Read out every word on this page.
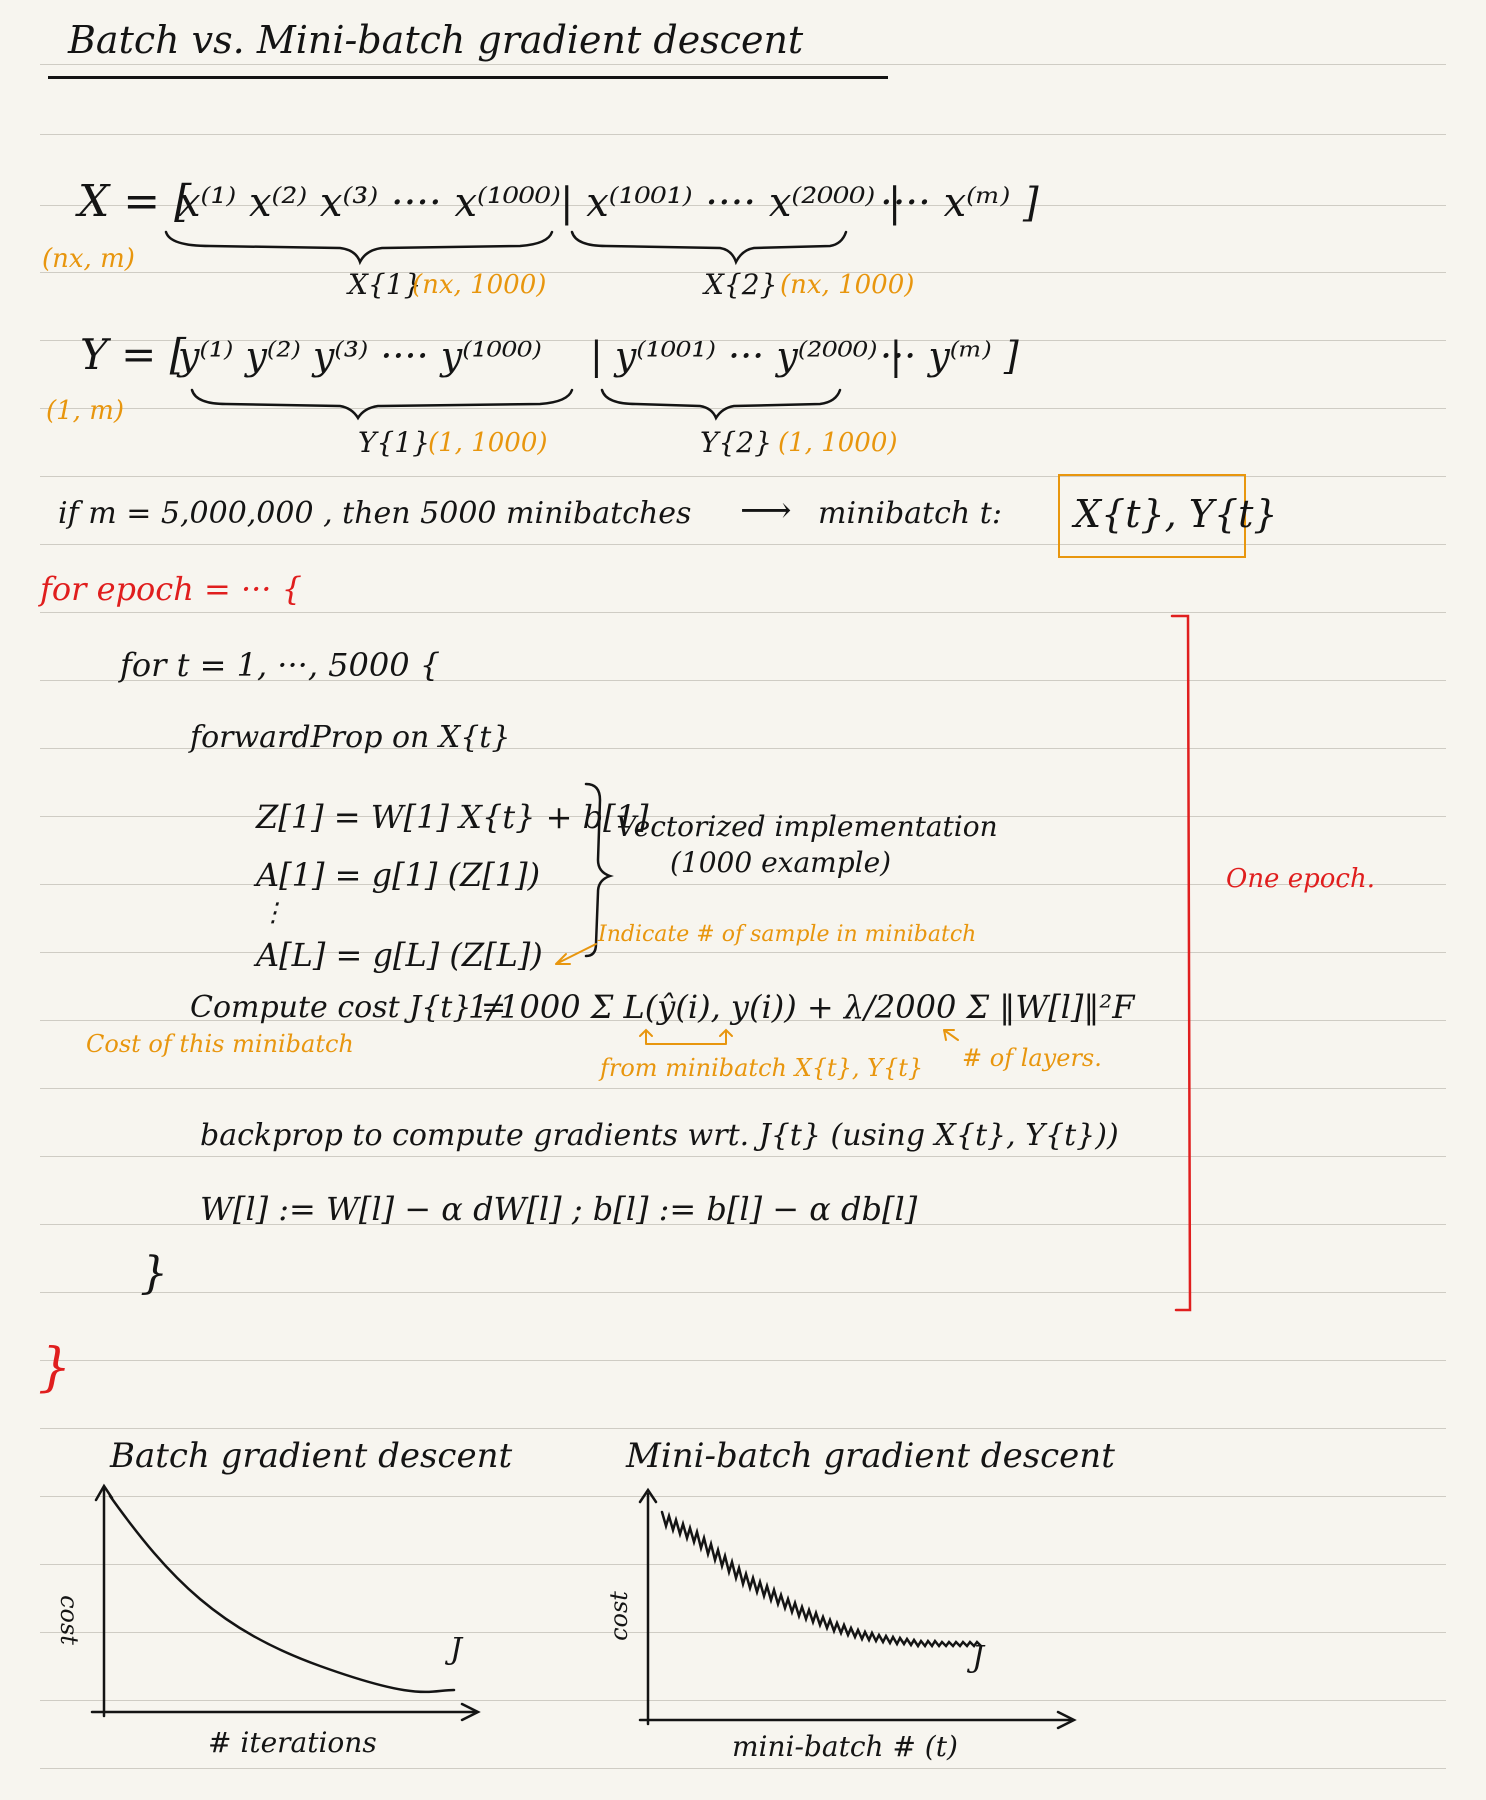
Batch vs. Mini-batch gradient descent
X = [
x⁽¹⁾ x⁽²⁾ x⁽³⁾ ···· x⁽¹⁰⁰⁰⁾ | x⁽¹⁰⁰¹⁾ ···· x⁽²⁰⁰⁰⁾ |
···· x⁽ᵐ⁾ ]
(nx, m)
X{1}
(nx, 1000)	X{2} (nx, 1000)
Y = [
y⁽¹⁾ y⁽²⁾ y⁽³⁾ ···· y⁽¹⁰⁰⁰⁾ | y⁽¹⁰⁰¹⁾ ··· y⁽²⁰⁰⁰⁾ |
··· y⁽ᵐ⁾ ]
(1, m)
Y{1}
(1, 1000)	Y{2} (1, 1000)
if m = 5,000,000 , then 5000 minibatches ⟶ minibatch t: X{t}, Y{t}
for epoch = ··· {
for t = 1, ···, 5000 {
forwardProp on X{t}
Z[1] = W[1] X{t} + b[1]
A[1] = g[1] (Z[1])
⋮
A[L] = g[L] (Z[L])
Vectorized implementation
(1000 example)
Indicate # of sample in minibatch
Compute cost J{t} =
1/1000 Σ L(ŷ(i), y(i)) + λ/2000 Σ ‖W[l]‖²F
Cost of this minibatch
from minibatch X{t}, Y{t} # of layers.
backprop to compute gradients wrt. J{t} (using X{t}, Y{t}))
W[l] := W[l] − α dW[l] ; b[l] := b[l] − α db[l]
}
}
One epoch.
Batch gradient descent	Mini-batch gradient descent
cost	cost
# iterations	mini-batch # (t)
J	J
